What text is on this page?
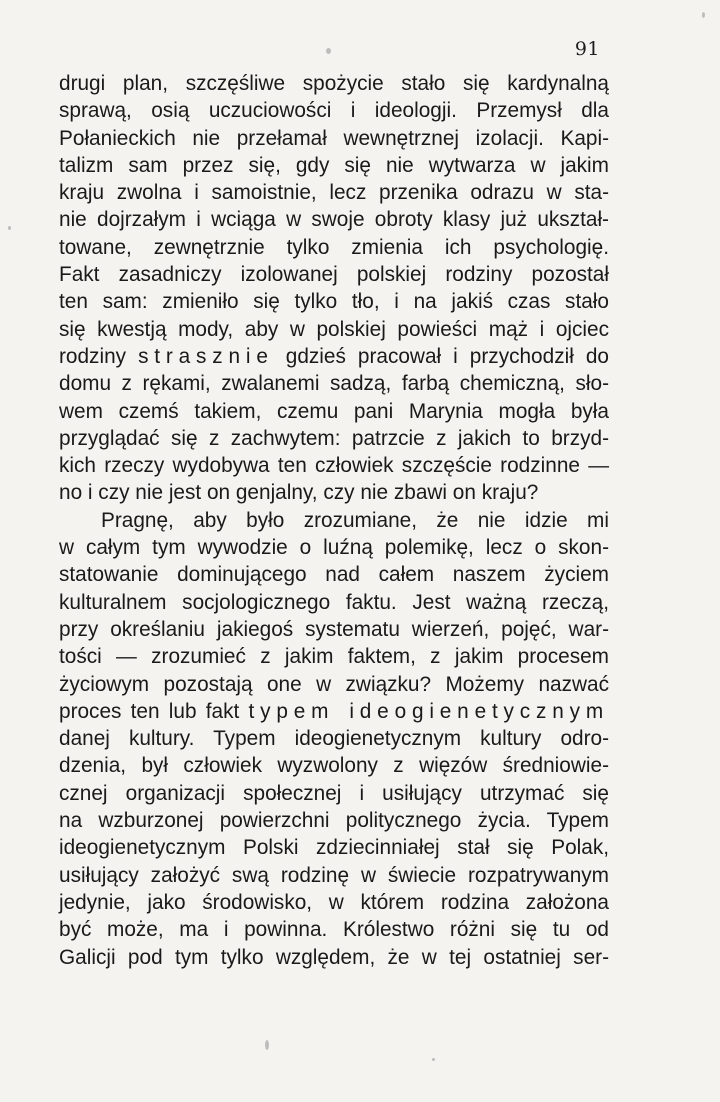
91
drugi plan, szczęśliwe spożycie stało się kardynalną
sprawą, osią uczuciowości i ideologji. Przemysł dla
Połanieckich nie przełamał wewnętrznej izolacji. Kapi-
talizm sam przez się, gdy się nie wytwarza w jakim
kraju zwolna i samoistnie, lecz przenika odrazu w sta-
nie dojrzałym i wciąga w swoje obroty klasy już ukształ-
towane, zewnętrznie tylko zmienia ich psychologię.
Fakt zasadniczy izolowanej polskiej rodziny pozostał
ten sam: zmieniło się tylko tło, i na jakiś czas stało
się kwestją mody, aby w polskiej powieści mąż i ojciec
rodziny strasznie gdzieś pracował i przychodził do
domu z rękami, zwalanemi sadzą, farbą chemiczną, sło-
wem czemś takiem, czemu pani Marynia mogła była
przyglądać się z zachwytem: patrzcie z jakich to brzyd-
kich rzeczy wydobywa ten człowiek szczęście rodzinne —
no i czy nie jest on genjalny, czy nie zbawi on kraju?
Pragnę, aby było zrozumiane, że nie idzie mi
w całym tym wywodzie o luźną polemikę, lecz o skon-
statowanie dominującego nad całem naszem życiem
kulturalnem socjologicznego faktu. Jest ważną rzeczą,
przy określaniu jakiegoś systematu wierzeń, pojęć, war-
tości — zrozumieć z jakim faktem, z jakim procesem
życiowym pozostają one w związku? Możemy nazwać
proces ten lub fakt typem ideogienetycznym
danej kultury. Typem ideogienetycznym kultury odro-
dzenia, był człowiek wyzwolony z więzów średniowie-
cznej organizacji społecznej i usiłujący utrzymać się
na wzburzonej powierzchni politycznego życia. Typem
ideogienetycznym Polski zdziecinniałej stał się Polak,
usiłujący założyć swą rodzinę w świecie rozpatrywanym
jedynie, jako środowisko, w którem rodzina założona
być może, ma i powinna. Królestwo różni się tu od
Galicji pod tym tylko względem, że w tej ostatniej ser-
